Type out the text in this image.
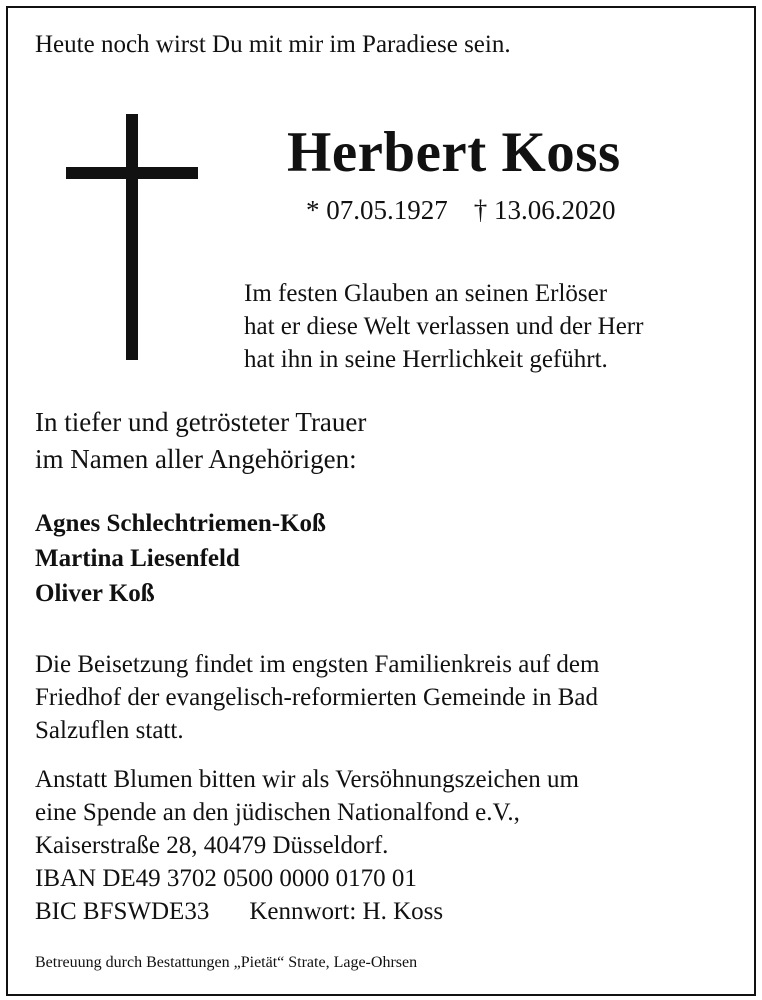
Heute noch wirst Du mit mir im Paradiese sein.
Herbert Koss
* 07.05.1927 † 13.06.2020
Im festen Glauben an seinen Erlöser
hat er diese Welt verlassen und der Herr
hat ihn in seine Herrlichkeit geführt.
In tiefer und getrösteter Trauer
im Namen aller Angehörigen:
Agnes Schlechtriemen-Koß
Martina Liesenfeld
Oliver Koß
Die Beisetzung findet im engsten Familienkreis auf dem
Friedhof der evangelisch-reformierten Gemeinde in Bad
Salzuflen statt.
Anstatt Blumen bitten wir als Versöhnungszeichen um
eine Spende an den jüdischen Nationalfond e.V.,
Kaiserstraße 28, 40479 Düsseldorf.
IBAN DE49 3702 0500 0000 0170 01
BIC BFSWDE33 Kennwort: H. Koss
Betreuung durch Bestattungen „Pietät“ Strate, Lage-Ohrsen
